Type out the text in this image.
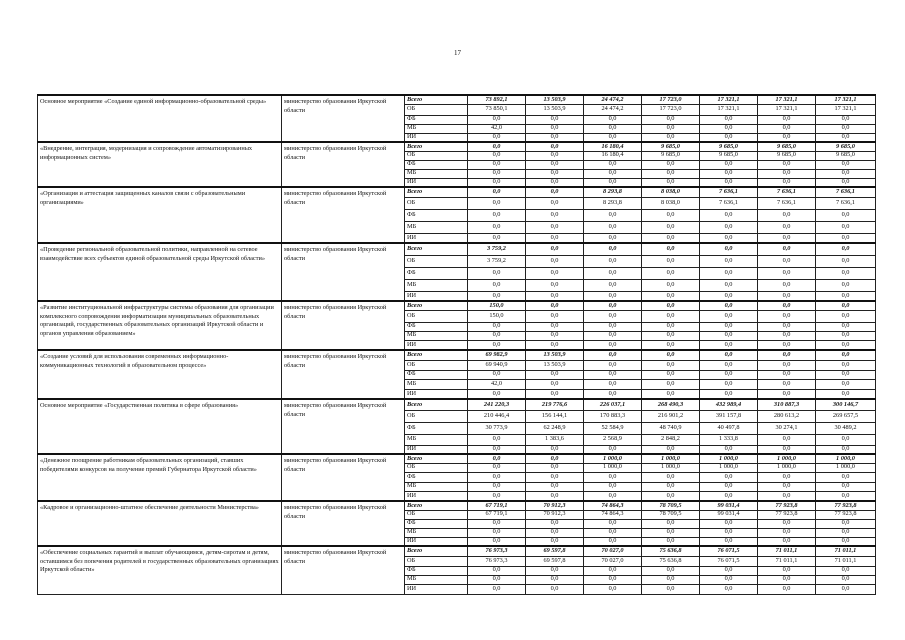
17
Основное мероприятие «Создание единой информационно-образовательной среды»	министерство образования Иркутской области	Всего	73 892,1	13 503,9	24 474,2	17 723,0	17 321,1	17 321,1	17 321,1
		ОБ	73 850,1	13 503,9	24 474,2	17 723,0	17 321,1	17 321,1	17 321,1
		ФБ	0,0	0,0	0,0	0,0	0,0	0,0	0,0
		МБ	42,0	0,0	0,0	0,0	0,0	0,0	0,0
		ИИ	0,0	0,0	0,0	0,0	0,0	0,0	0,0
«Внедрение, интеграция, модернизация и сопровождение автоматизированных информационных систем»	министерство образования Иркутской области	Всего	0,0	0,0	16 180,4	9 685,0	9 685,0	9 685,0	9 685,0
		ОБ	0,0	0,0	16 180,4	9 685,0	9 685,0	9 685,0	9 685,0
		ФБ	0,0	0,0	0,0	0,0	0,0	0,0	0,0
		МБ	0,0	0,0	0,0	0,0	0,0	0,0	0,0
		ИИ	0,0	0,0	0,0	0,0	0,0	0,0	0,0
«Организация и аттестация защищенных каналов связи с образовательными организациями»	министерство образования Иркутской области	Всего	0,0	0,0	8 293,8	8 038,0	7 636,1	7 636,1	7 636,1
		ОБ	0,0	0,0	8 293,8	8 038,0	7 636,1	7 636,1	7 636,1
		ФБ	0,0	0,0	0,0	0,0	0,0	0,0	0,0
		МБ	0,0	0,0	0,0	0,0	0,0	0,0	0,0
		ИИ	0,0	0,0	0,0	0,0	0,0	0,0	0,0
«Проведение региональной образовательной политики, направленной на сетевое взаимодействие всех субъектов единой образовательной среды Иркутской области»	министерство образования Иркутской области	Всего	3 759,2	0,0	0,0	0,0	0,0	0,0	0,0
		ОБ	3 759,2	0,0	0,0	0,0	0,0	0,0	0,0
		ФБ	0,0	0,0	0,0	0,0	0,0	0,0	0,0
		МБ	0,0	0,0	0,0	0,0	0,0	0,0	0,0
		ИИ	0,0	0,0	0,0	0,0	0,0	0,0	0,0
«Развитие институциональной инфраструктуры системы образования для организации комплексного сопровождения информатизации муниципальных образовательных организаций, государственных образовательных организаций Иркутской области и органов управления образованием»	министерство образования Иркутской области	Всего	150,0	0,0	0,0	0,0	0,0	0,0	0,0
		ОБ	150,0	0,0	0,0	0,0	0,0	0,0	0,0
		ФБ	0,0	0,0	0,0	0,0	0,0	0,0	0,0
		МБ	0,0	0,0	0,0	0,0	0,0	0,0	0,0
		ИИ	0,0	0,0	0,0	0,0	0,0	0,0	0,0
«Создание условий для использования современных информационно-коммуникационных технологий в образовательном процессе»	министерство образования Иркутской области	Всего	69 982,9	13 503,9	0,0	0,0	0,0	0,0	0,0
		ОБ	69 940,9	13 503,9	0,0	0,0	0,0	0,0	0,0
		ФБ	0,0	0,0	0,0	0,0	0,0	0,0	0,0
		МБ	42,0	0,0	0,0	0,0	0,0	0,0	0,0
		ИИ	0,0	0,0	0,0	0,0	0,0	0,0	0,0
Основное мероприятие «Государственная политика в сфере образования»	министерство образования Иркутской области	Всего	241 220,3	219 776,6	226 037,1	268 490,3	432 989,4	310 887,3	300 146,7
		ОБ	210 446,4	156 144,1	170 883,3	216 901,2	391 157,8	280 613,2	269 657,5
		ФБ	30 773,9	62 248,9	52 584,9	48 740,9	40 497,8	30 274,1	30 489,2
		МБ	0,0	1 383,6	2 568,9	2 848,2	1 333,8	0,0	0,0
		ИИ	0,0	0,0	0,0	0,0	0,0	0,0	0,0
«Денежное поощрение работникам образовательных организаций, ставших победителями конкурсов на получение премий Губернатора Иркутской области»	министерство образования Иркутской области	Всего	0,0	0,0	1 000,0	1 000,0	1 000,0	1 000,0	1 000,0
		ОБ	0,0	0,0	1 000,0	1 000,0	1 000,0	1 000,0	1 000,0
		ФБ	0,0	0,0	0,0	0,0	0,0	0,0	0,0
		МБ	0,0	0,0	0,0	0,0	0,0	0,0	0,0
		ИИ	0,0	0,0	0,0	0,0	0,0	0,0	0,0
«Кадровое и организационно-штатное обеспечение деятельности Министерства»	министерство образования Иркутской области	Всего	67 719,1	70 912,3	74 864,3	78 709,5	99 031,4	77 923,8	77 923,8
		ОБ	67 719,1	70 912,3	74 864,3	78 709,5	99 031,4	77 923,8	77 923,8
		ФБ	0,0	0,0	0,0	0,0	0,0	0,0	0,0
		МБ	0,0	0,0	0,0	0,0	0,0	0,0	0,0
		ИИ	0,0	0,0	0,0	0,0	0,0	0,0	0,0
«Обеспечение социальных гарантий и выплат обучающимся, детям-сиротам и детям, оставшимся без попечения родителей в государственных образовательных организациях Иркутской области»	министерство образования Иркутской области	Всего	76 973,3	69 597,8	70 027,0	75 636,8	76 071,5	71 011,1	71 011,1
		ОБ	76 973,3	69 597,8	70 027,0	75 636,8	76 071,5	71 011,1	71 011,1
		ФБ	0,0	0,0	0,0	0,0	0,0	0,0	0,0
		МБ	0,0	0,0	0,0	0,0	0,0	0,0	0,0
		ИИ	0,0	0,0	0,0	0,0	0,0	0,0	0,0
